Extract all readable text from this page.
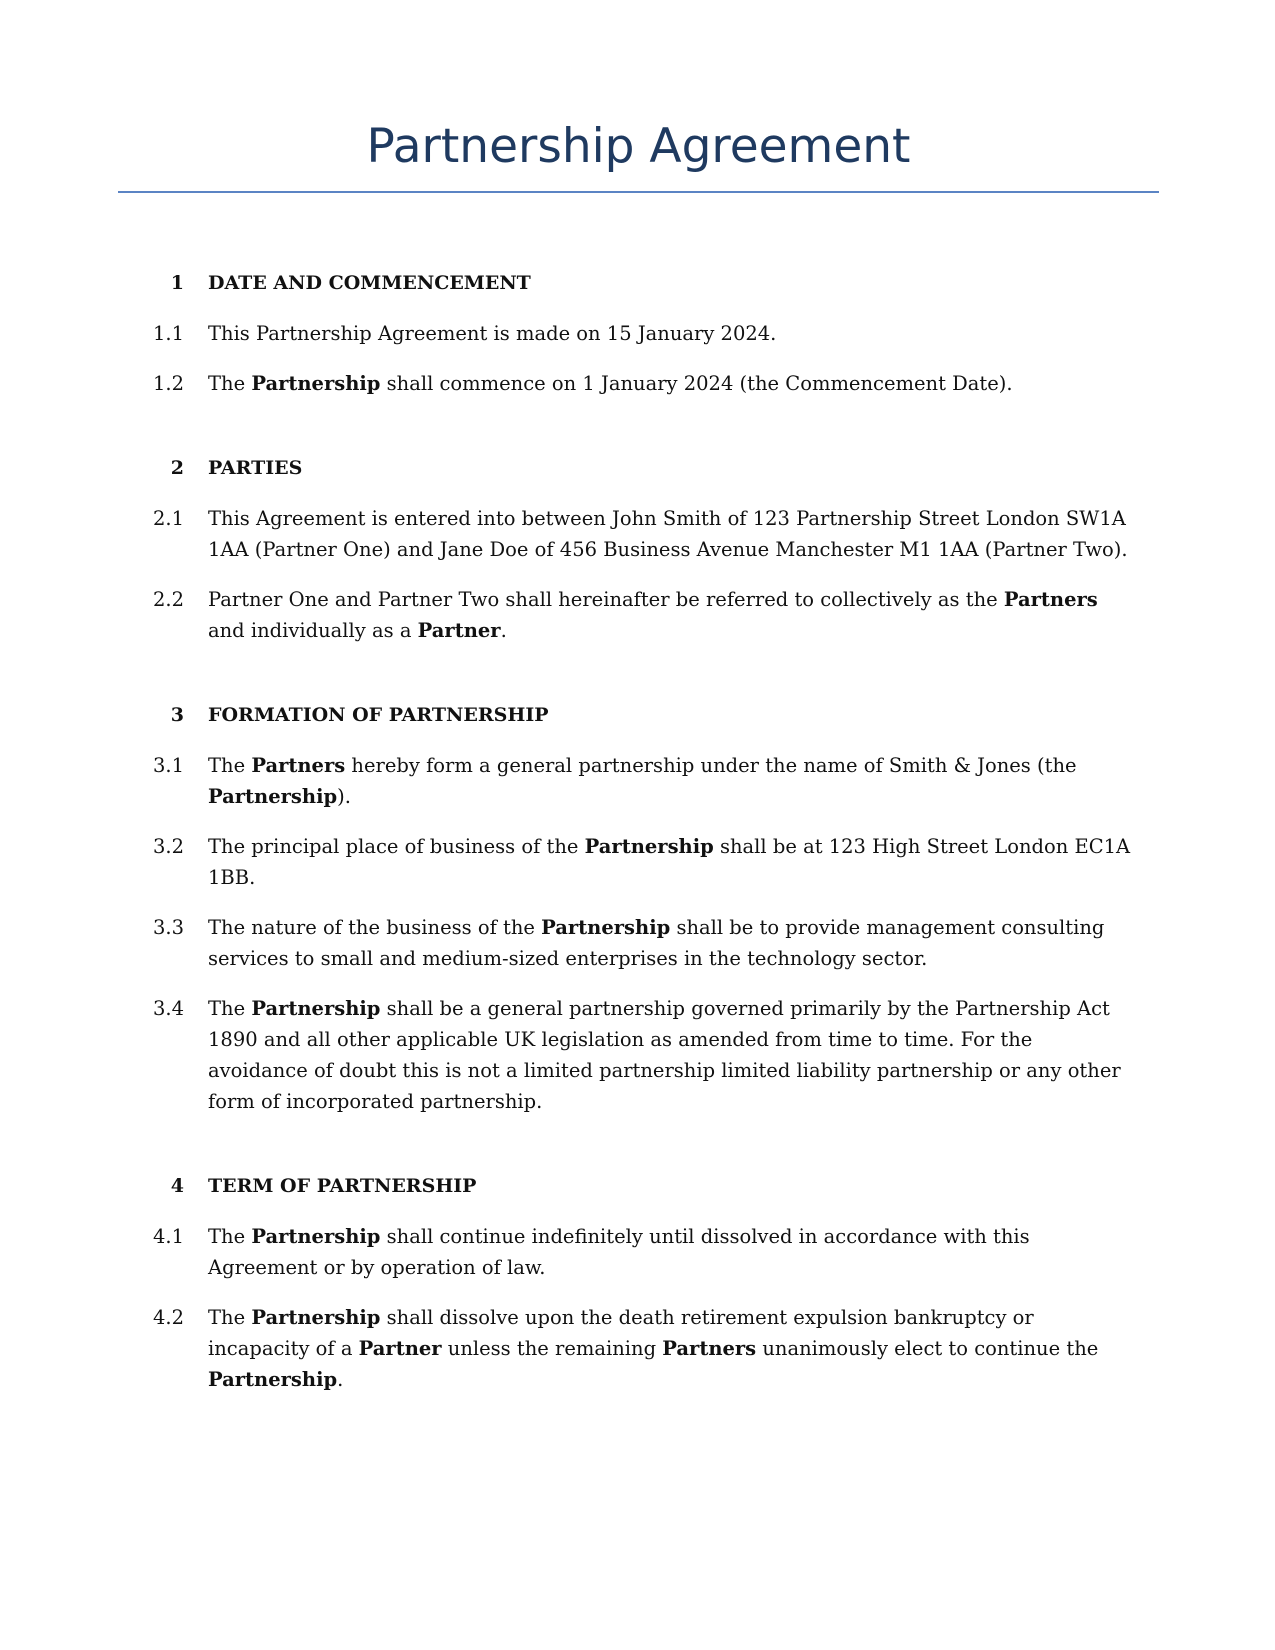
Partnership Agreement
1 DATE AND COMMENCEMENT
1.1 This Partnership Agreement is made on 15 January 2024.
1.2 The Partnership shall commence on 1 January 2024 (the Commencement Date).
2 PARTIES
2.1 This Agreement is entered into between John Smith of 123 Partnership Street London SW1A 1AA (Partner One) and Jane Doe of 456 Business Avenue Manchester M1 1AA (Partner Two).
2.2 Partner One and Partner Two shall hereinafter be referred to collectively as the Partners and individually as a Partner.
3 FORMATION OF PARTNERSHIP
3.1 The Partners hereby form a general partnership under the name of Smith & Jones (the Partnership).
3.2 The principal place of business of the Partnership shall be at 123 High Street London EC1A 1BB.
3.3 The nature of the business of the Partnership shall be to provide management consulting services to small and medium-sized enterprises in the technology sector.
3.4 The Partnership shall be a general partnership governed primarily by the Partnership Act 1890 and all other applicable UK legislation as amended from time to time. For the avoidance of doubt this is not a limited partnership limited liability partnership or any other form of incorporated partnership.
4 TERM OF PARTNERSHIP
4.1 The Partnership shall continue indefinitely until dissolved in accordance with this Agreement or by operation of law.
4.2 The Partnership shall dissolve upon the death retirement expulsion bankruptcy or incapacity of a Partner unless the remaining Partners unanimously elect to continue the Partnership.
